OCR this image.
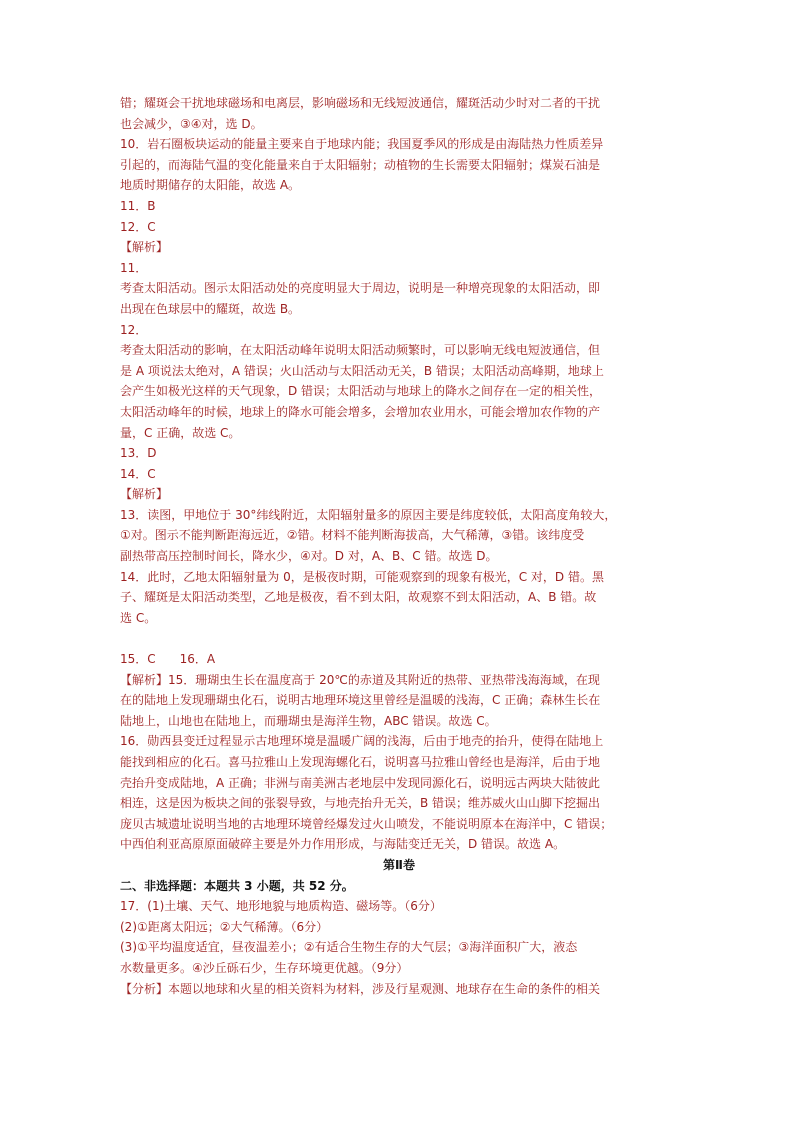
错；耀斑会干扰地球磁场和电离层，影响磁场和无线短波通信，耀斑活动少时对二者的干扰
也会减少，③④对，选 D。
10．岩石圈板块运动的能量主要来自于地球内能；我国夏季风的形成是由海陆热力性质差异
引起的，而海陆气温的变化能量来自于太阳辐射；动植物的生长需要太阳辐射；煤炭石油是
地质时期储存的太阳能，故选 A。
11．B
12．C
【解析】
11．
考查太阳活动。图示太阳活动处的亮度明显大于周边，说明是一种增亮现象的太阳活动，即
出现在色球层中的耀斑，故选 B。
12．
考查太阳活动的影响，在太阳活动峰年说明太阳活动频繁时，可以影响无线电短波通信，但
是 A 项说法太绝对，A 错误；火山活动与太阳活动无关，B 错误；太阳活动高峰期，地球上
会产生如极光这样的天气现象，D 错误；太阳活动与地球上的降水之间存在一定的相关性，
太阳活动峰年的时候，地球上的降水可能会增多，会增加农业用水，可能会增加农作物的产
量，C 正确，故选 C。
13．D
14．C
【解析】
13．读图，甲地位于 30°纬线附近，太阳辐射量多的原因主要是纬度较低，太阳高度角较大，
①对。图示不能判断距海远近，②错。材料不能判断海拔高，大气稀薄，③错。该纬度受
副热带高压控制时间长，降水少，④对。D 对，A、B、C 错。故选 D。
14．此时，乙地太阳辐射量为 0，是极夜时期，可能观察到的现象有极光，C 对，D 错。黑
子、耀斑是太阳活动类型，乙地是极夜，看不到太阳，故观察不到太阳活动，A、B 错。故
选 C。
15．C　　16．A
【解析】15．珊瑚虫生长在温度高于 20℃的赤道及其附近的热带、亚热带浅海海域，在现
在的陆地上发现珊瑚虫化石，说明古地理环境这里曾经是温暖的浅海，C 正确；森林生长在
陆地上，山地也在陆地上，而珊瑚虫是海洋生物，ABC 错误。故选 C。
16．勋西县变迁过程显示古地理环境是温暖广阔的浅海，后由于地壳的抬升，使得在陆地上
能找到相应的化石。喜马拉雅山上发现海螺化石，说明喜马拉雅山曾经也是海洋，后由于地
壳抬升变成陆地，A 正确；非洲与南美洲古老地层中发现同源化石，说明远古两块大陆彼此
相连，这是因为板块之间的张裂导致，与地壳抬升无关，B 错误；维苏威火山山脚下挖掘出
庞贝古城遗址说明当地的古地理环境曾经爆发过火山喷发，不能说明原本在海洋中，C 错误；
中西伯利亚高原原面破碎主要是外力作用形成，与海陆变迁无关，D 错误。故选 A。
第Ⅱ卷
二、非选择题：本题共 3 小题，共 52 分。
17．(1)土壤、天气、地形地貌与地质构造、磁场等。（6分）
(2)①距离太阳远；②大气稀薄。（6分）
(3)①平均温度适宜，昼夜温差小；②有适合生物生存的大气层；③海洋面积广大，液态
水数量更多。④沙丘砾石少，生存环境更优越。（9分）
【分析】本题以地球和火星的相关资料为材料，涉及行星观测、地球存在生命的条件的相关
